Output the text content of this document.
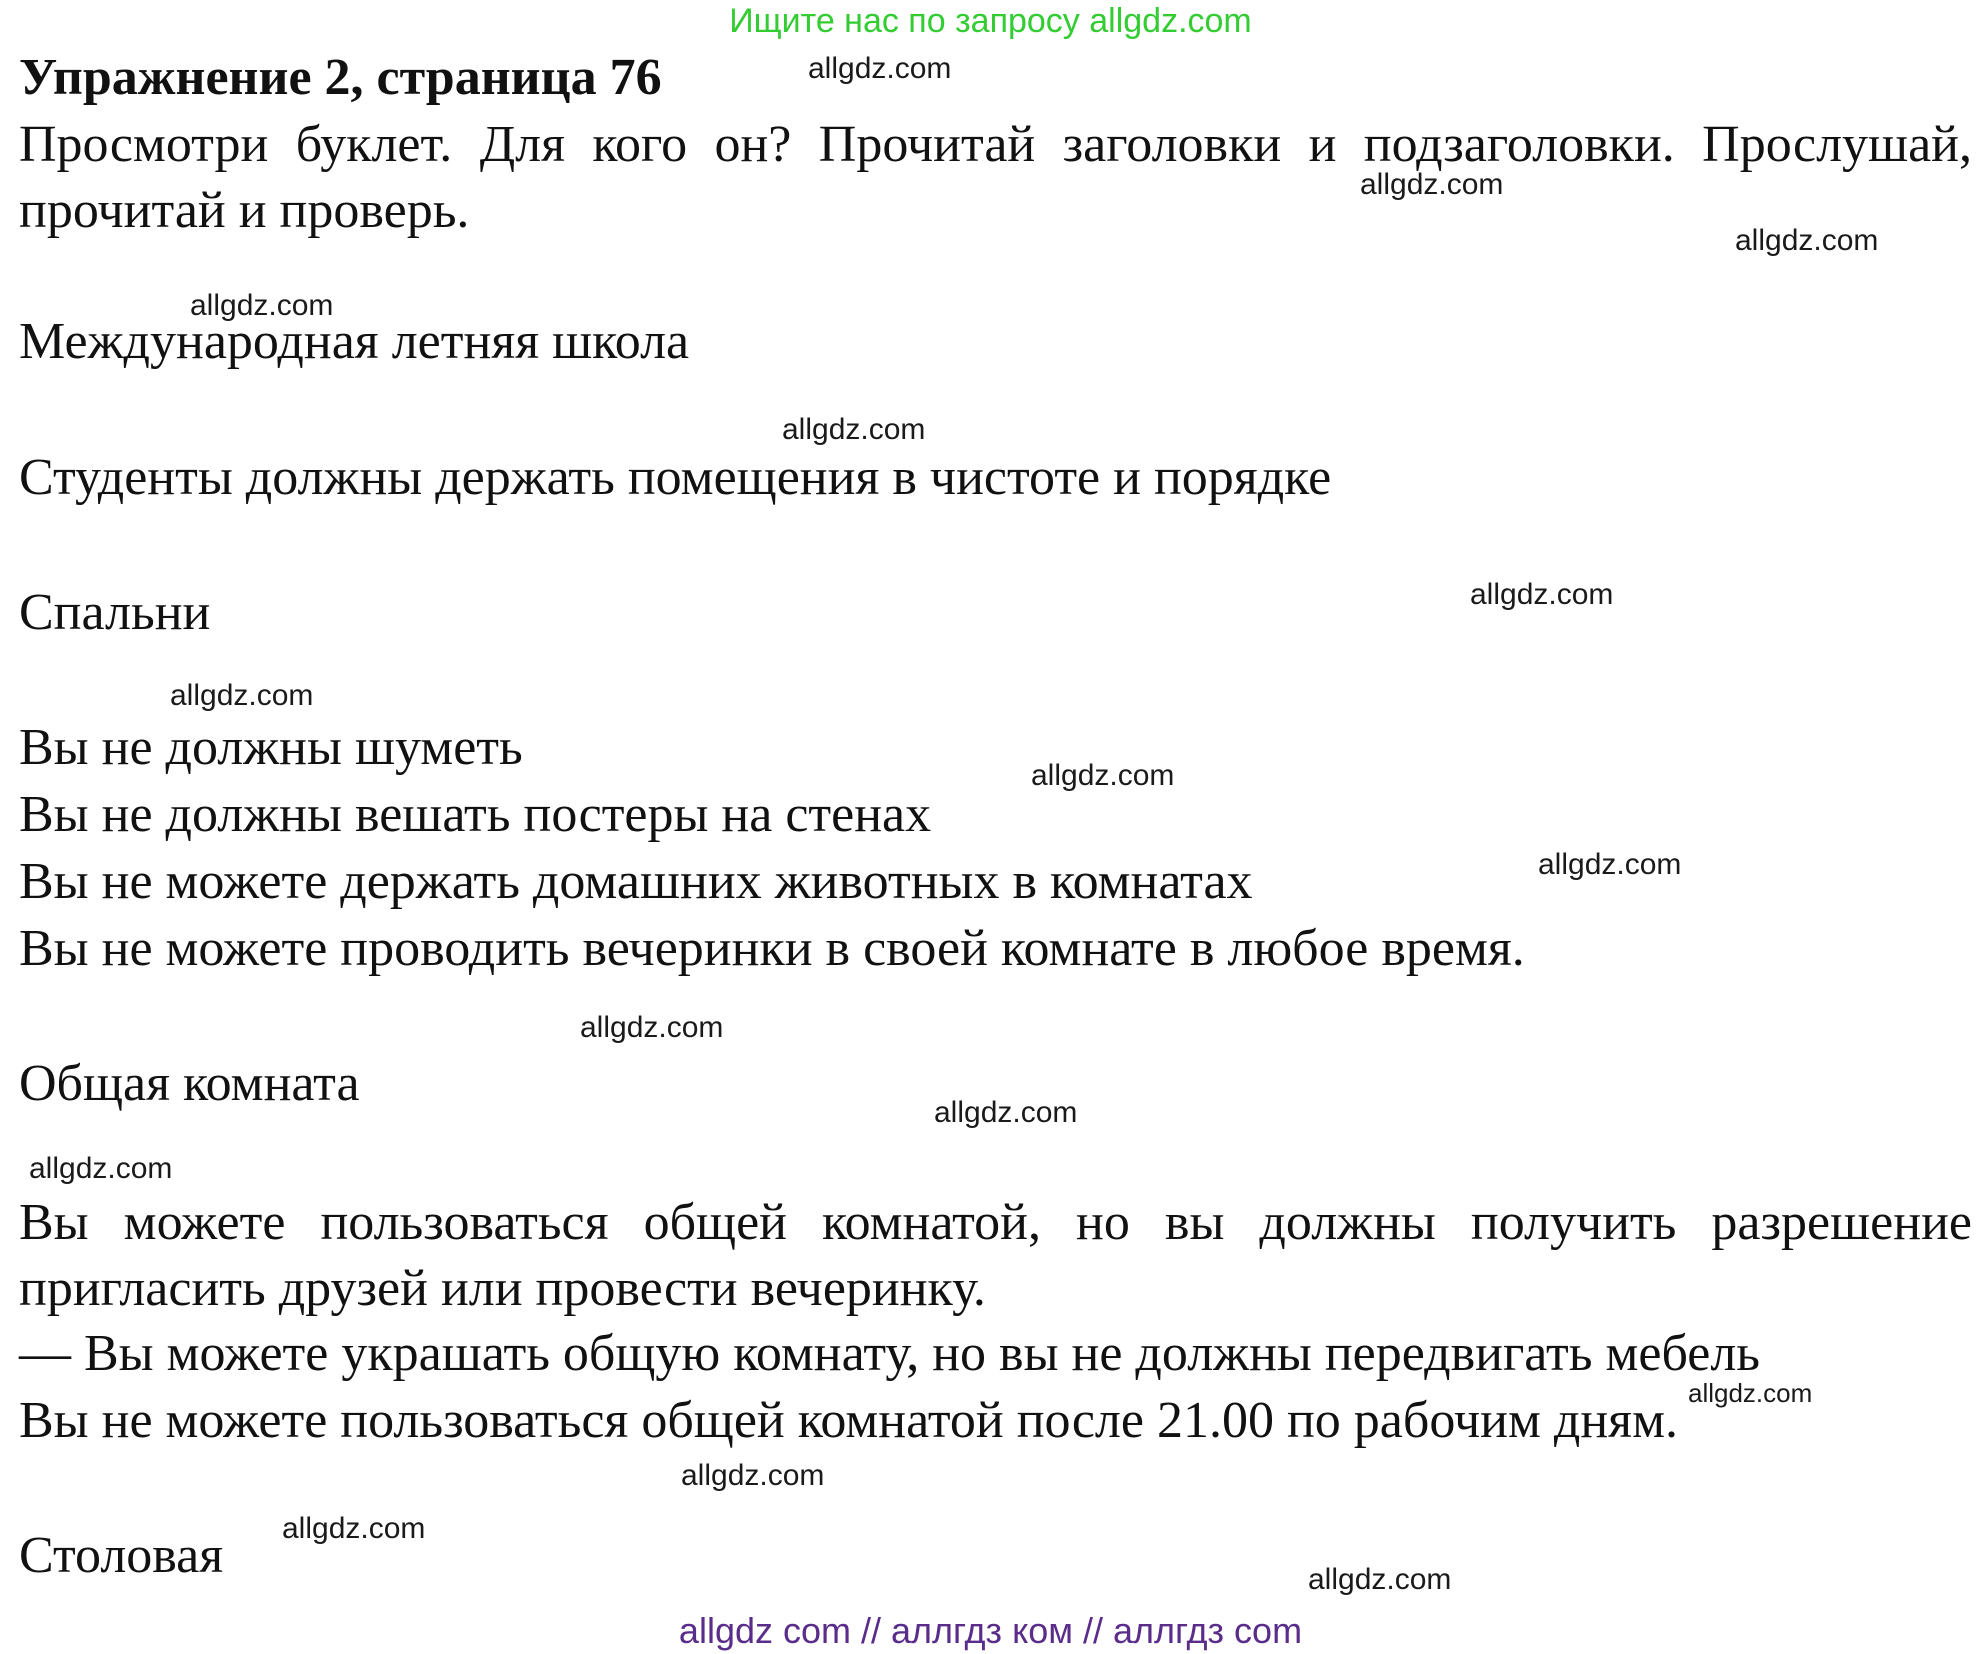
Ищите нас по запросу allgdz.com
Упражнение 2, страница 76

Просмотри буклет. Для кого он? Прочитай заголовки и подзаголовки. Прослушай, прочитай и проверь.

Международная летняя школа

Студенты должны держать помещения в чистоте и порядке

Спальни

Вы не должны шуметь

Вы не должны вешать постеры на стенах

Вы не можете держать домашних животных в комнатах

Вы не можете проводить вечеринки в своей комнате в любое время.

Общая комната

Вы можете пользоваться общей комнатой, но вы должны получить разрешение пригласить друзей или провести вечеринку.

— Вы можете украшать общую комнату, но вы не должны передвигать мебель

Вы не можете пользоваться общей комнатой после 21.00 по рабочим дням.

Столовая

allgdz.com
allgdz.com
allgdz.com
allgdz.com
allgdz.com
allgdz.com
allgdz.com
allgdz.com
allgdz.com
allgdz.com
allgdz.com
allgdz.com
allgdz.com
allgdz.com
allgdz.com
allgdz.com
allgdz com // аллгдз ком // аллгдз com
